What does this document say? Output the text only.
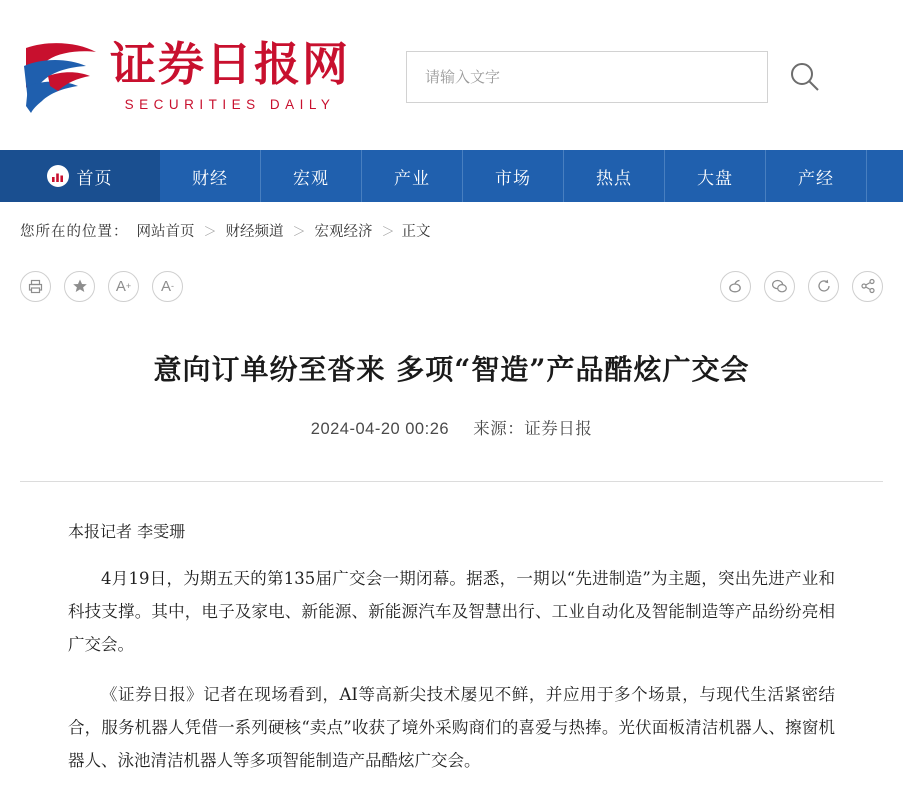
证券日报网
SECURITIES DAILY
请输入文字
首页	财经	宏观	产业	市场	热点	大盘	产经
您所在的位置： 网站首页 ＞ 财经频道 ＞ 宏观经济 ＞ 正文
A + A -
意向订单纷至沓来 多项“智造”产品酷炫广交会
2024-04-20 00:26 来源：证券日报
本报记者 李雯珊

4月19日，为期五天的第135届广交会一期闭幕。据悉，一期以“先进制造”为主题，突出先进产业和科技支撑。其中，电子及家电、新能源、新能源汽车及智慧出行、工业自动化及智能制造等产品纷纷亮相广交会。

《证券日报》记者在现场看到，AI等高新尖技术屡见不鲜，并应用于多个场景，与现代生活紧密结合，服务机器人凭借一系列硬核“卖点”收获了境外采购商们的喜爱与热捧。光伏面板清洁机器人、擦窗机器人、泳池清洁机器人等多项智能制造产品酷炫广交会。
